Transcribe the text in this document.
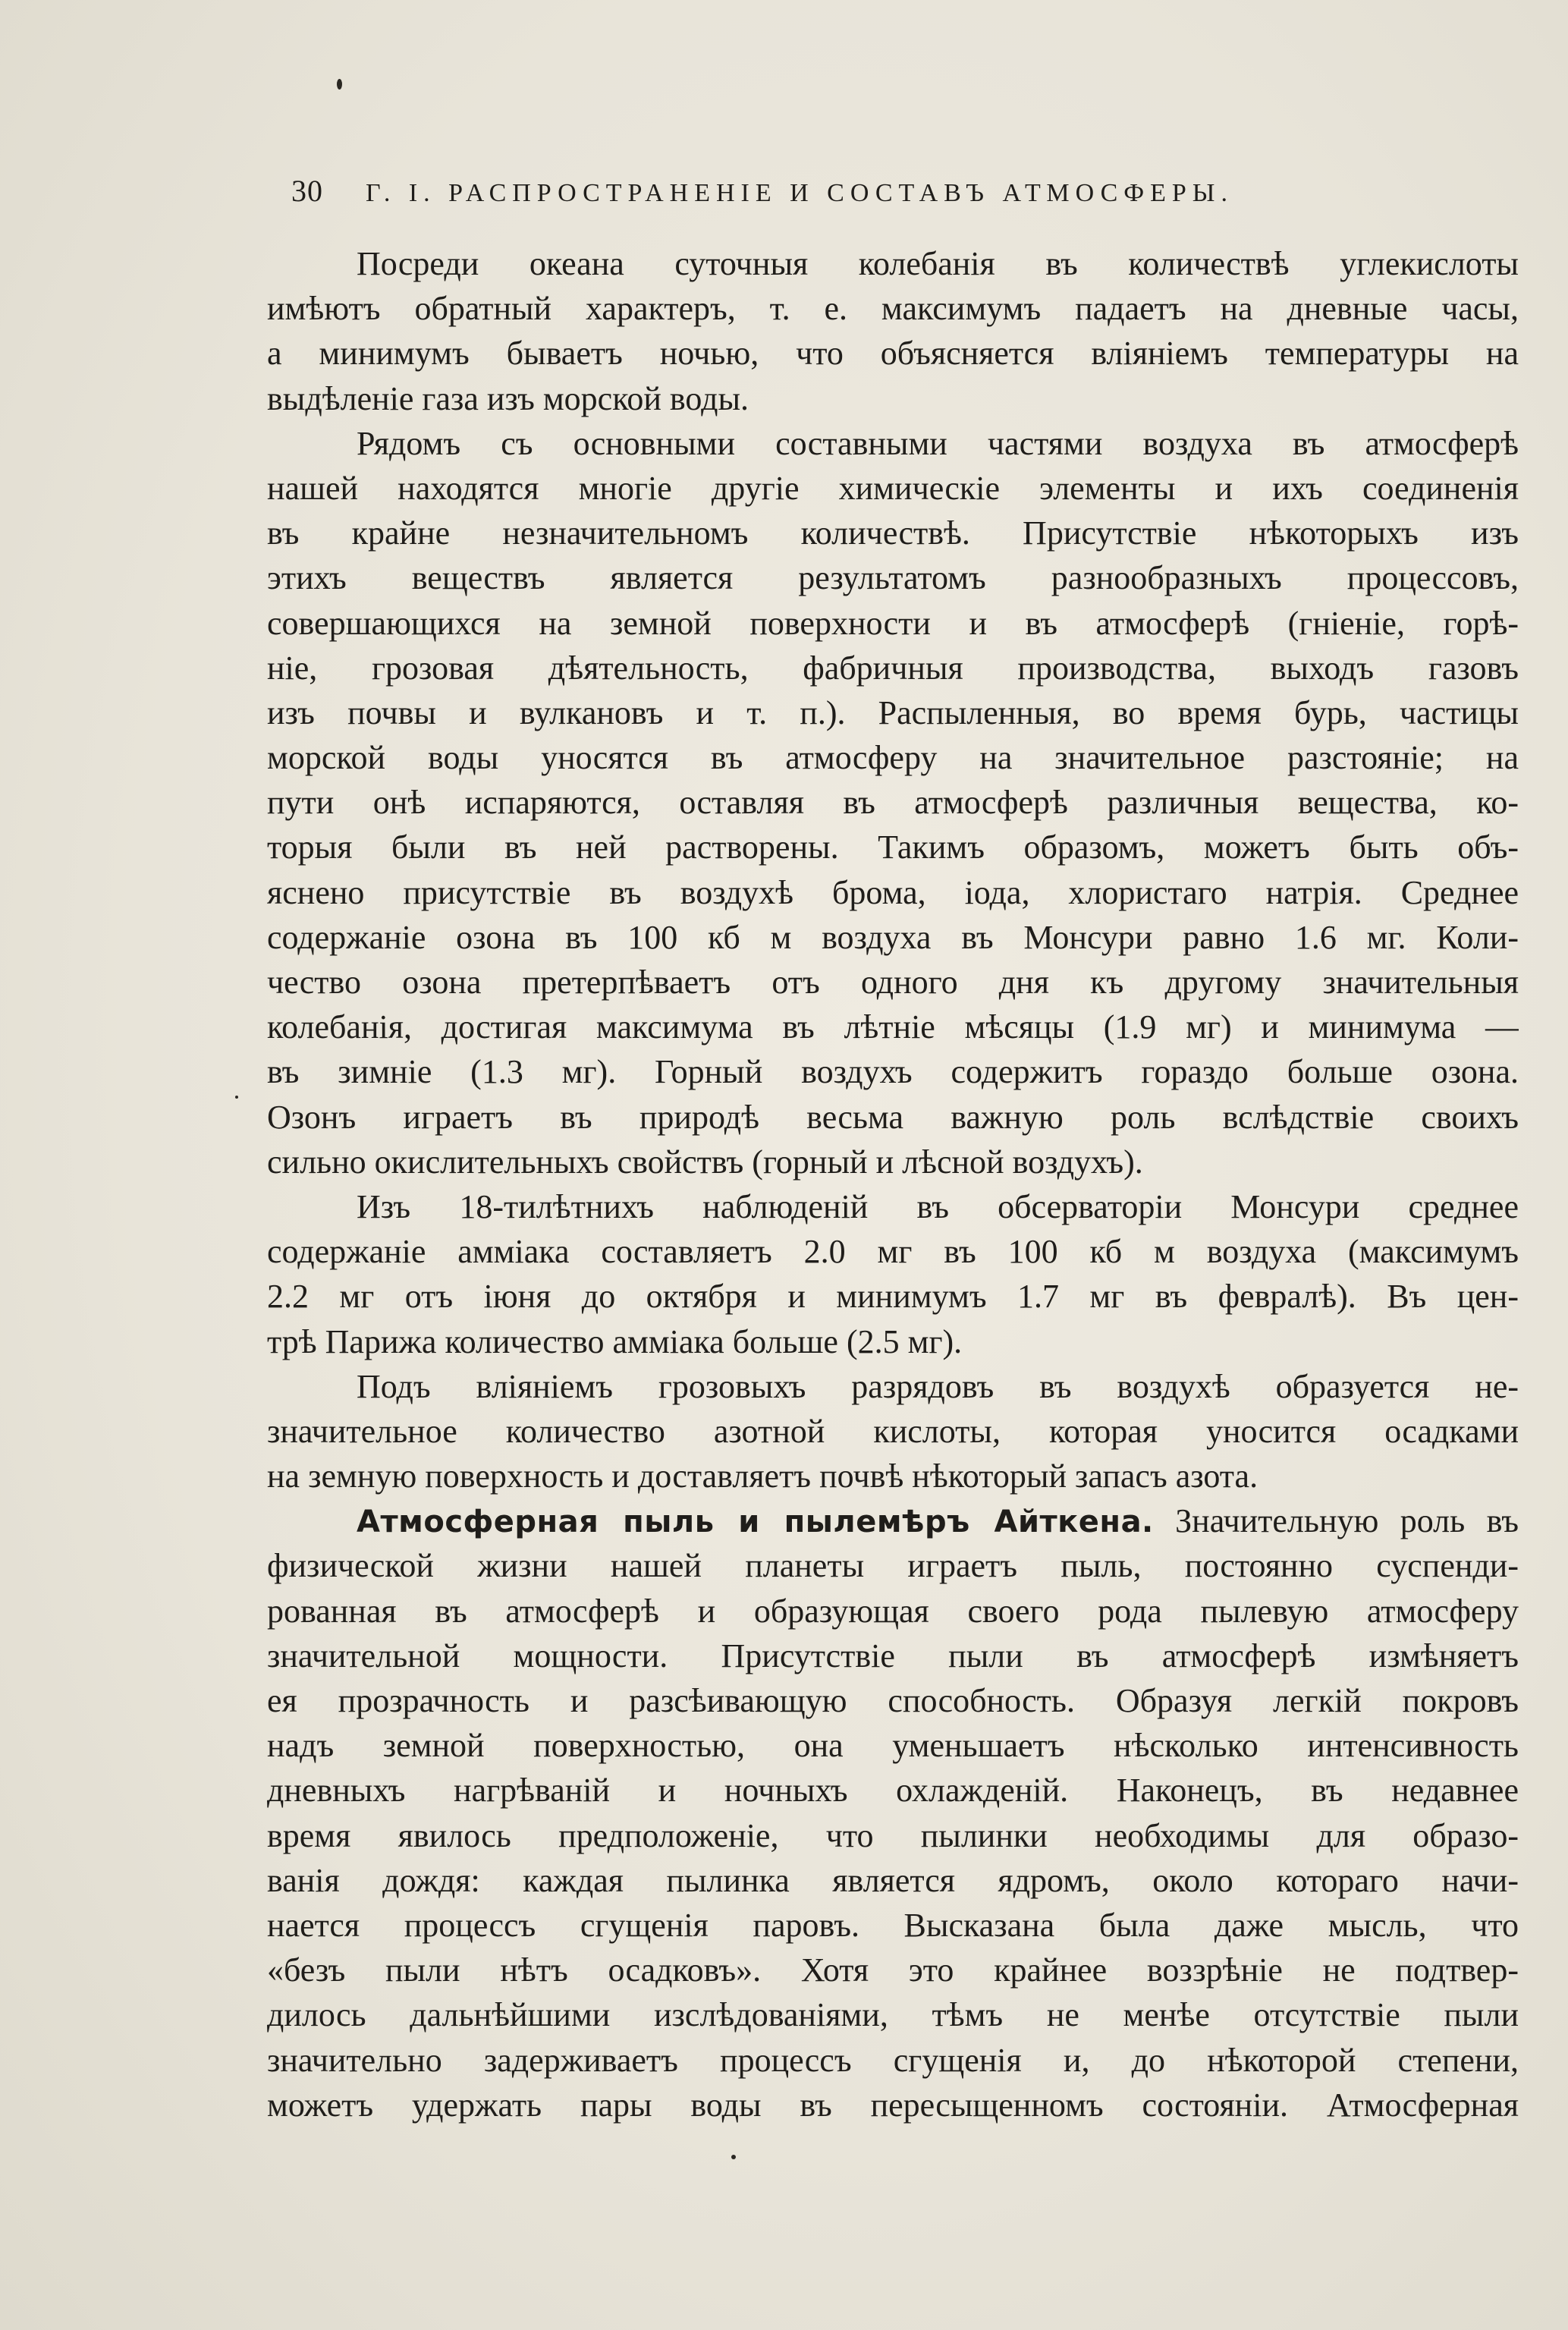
30 Г. I. РАСПРОСТРАНЕНІЕ И СОСТАВЪ АТМОСФЕРЫ.
Посреди океана суточныя колебанія въ количествѣ углекислоты
имѣютъ обратный характеръ, т. е. максимумъ падаетъ на дневные часы,
а минимумъ бываетъ ночью, что объясняется вліяніемъ температуры на
выдѣленіе газа изъ морской воды.
Рядомъ съ основными составными частями воздуха въ атмосферѣ
нашей находятся многіе другіе химическіе элементы и ихъ соединенія
въ крайне незначительномъ количествѣ. Присутствіе нѣкоторыхъ изъ
этихъ веществъ является результатомъ разнообразныхъ процессовъ,
совершающихся на земной поверхности и въ атмосферѣ (гніеніе, горѣ-
ніе, грозовая дѣятельность, фабричныя производства, выходъ газовъ
изъ почвы и вулкановъ и т. п.). Распыленныя, во время бурь, частицы
морской воды уносятся въ атмосферу на значительное разстояніе; на
пути онѣ испаряются, оставляя въ атмосферѣ различныя вещества, ко-
торыя были въ ней растворены. Такимъ образомъ, можетъ быть объ-
яснено присутствіе въ воздухѣ брома, іода, хлористаго натрія. Среднее
содержаніе озона въ 100 кб м воздуха въ Монсури равно 1.6 мг. Коли-
чество озона претерпѣваетъ отъ одного дня къ другому значительныя
колебанія, достигая максимума въ лѣтніе мѣсяцы (1.9 мг) и минимума —
въ зимніе (1.3 мг). Горный воздухъ содержитъ гораздо больше озона.
Озонъ играетъ въ природѣ весьма важную роль вслѣдствіе своихъ
сильно окислительныхъ свойствъ (горный и лѣсной воздухъ).
Изъ 18-тилѣтнихъ наблюденій въ обсерваторіи Монсури среднее
содержаніе аммiака составляетъ 2.0 мг въ 100 кб м воздуха (максимумъ
2.2 мг отъ іюня до октября и минимумъ 1.7 мг въ февралѣ). Въ цен-
трѣ Парижа количество аммiака больше (2.5 мг).
Подъ вліяніемъ грозовыхъ разрядовъ въ воздухѣ образуется не-
значительное количество азотной кислоты, которая уносится осадками
на земную поверхность и доставляетъ почвѣ нѣкоторый запасъ азота.
Атмосферная пыль и пылемѣръ Айткена. Значительную роль въ
физической жизни нашей планеты играетъ пыль, постоянно суспенди-
рованная въ атмосферѣ и образующая своего рода пылевую атмосферу
значительной мощности. Присутствіе пыли въ атмосферѣ измѣняетъ
ея прозрачность и разсѣивающую способность. Образуя легкій покровъ
надъ земной поверхностью, она уменьшаетъ нѣсколько интенсивность
дневныхъ нагрѣваній и ночныхъ охлажденій. Наконецъ, въ недавнее
время явилось предположеніе, что пылинки необходимы для образо-
ванія дождя: каждая пылинка является ядромъ, около котораго начи-
нается процессъ сгущенія паровъ. Высказана была даже мысль, что
«безъ пыли нѣтъ осадковъ». Хотя это крайнее воззрѣніе не подтвер-
дилось дальнѣйшими изслѣдованіями, тѣмъ не менѣе отсутствіе пыли
значительно задерживаетъ процессъ сгущенія и, до нѣкоторой степени,
можетъ удержать пары воды въ пересыщенномъ состояніи. Атмосферная
